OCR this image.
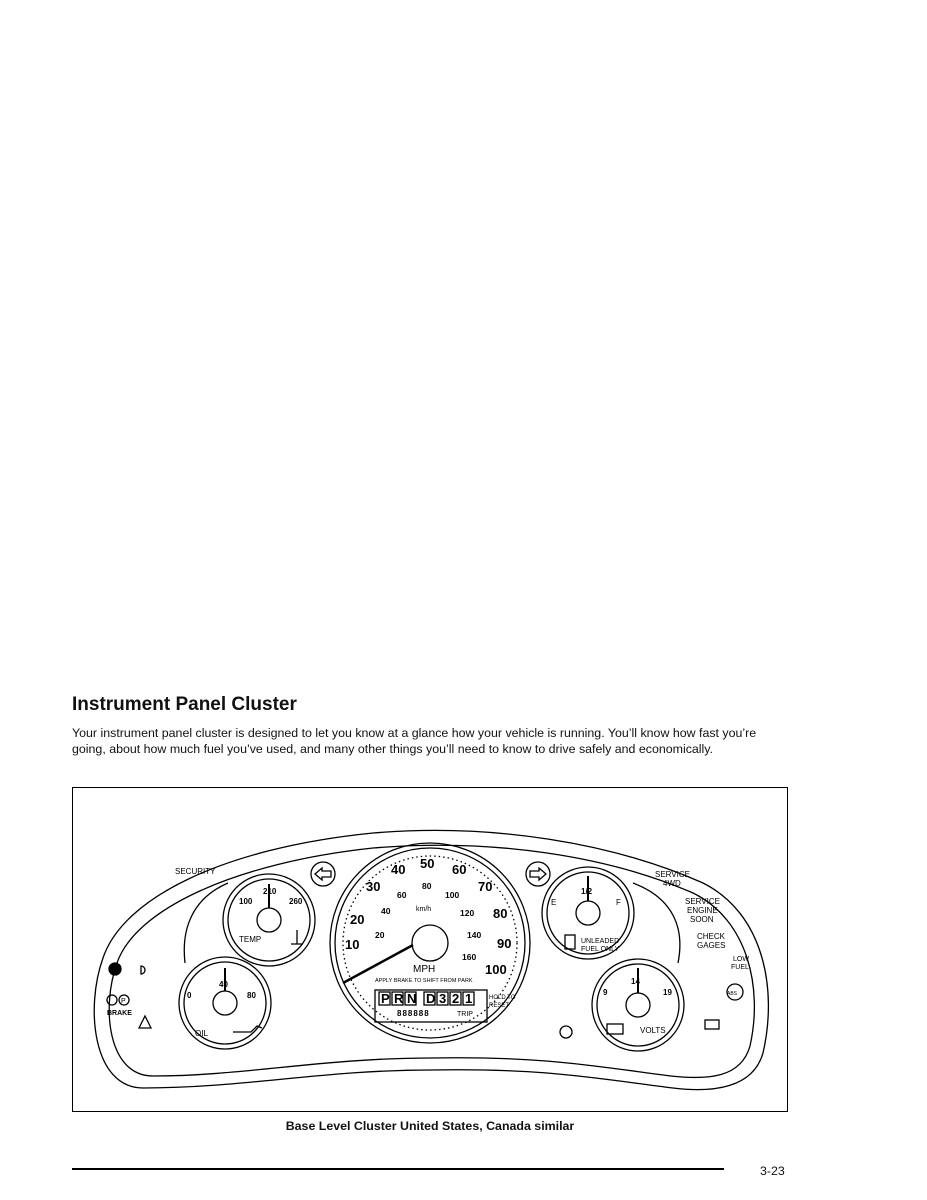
Instrument Panel Cluster

Your instrument panel cluster is designed to let you know at a glance how your vehicle is running. You’ll know how fast you’re going, about how much fuel you’ve used, and many other things you’ll need to know to drive safely and economically.

SECURITY
TEMP
100
210
260
OIL
0
40
80
BRAKE
P
MPH
km/h
APPLY BRAKE TO SHIFT FROM PARK
HOLD TO
RESET
TRIP
888888
P R N D 3 2 1
10
20
30
40 50 60
70
80
90
100
20
40
60
80
100
120
140
160
E
1/2
F
UNLEADED
FUEL ONLY
VOLTS
9
14
19
SERVICE
4WD
SERVICE
ENGINE
SOON
CHECK
GAGES
LOW
FUEL
ABS
Base Level Cluster United States, Canada similar
3-23
